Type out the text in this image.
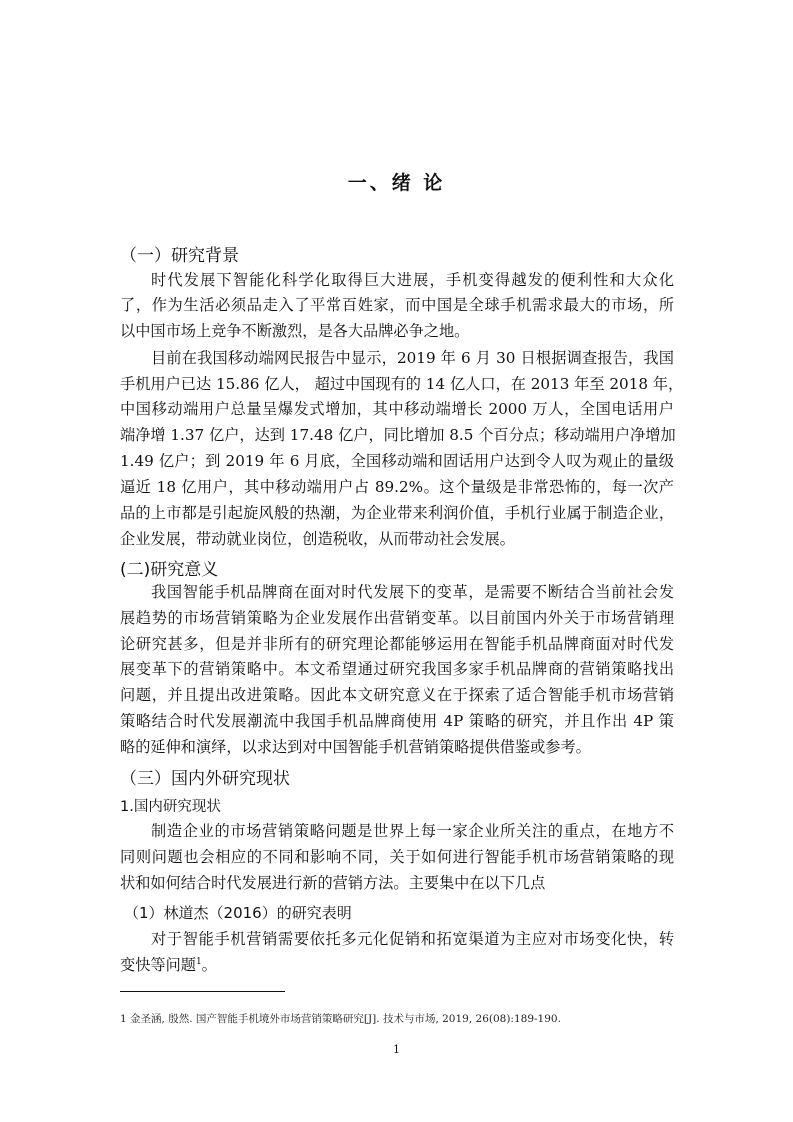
一、绪 论
（一）研究背景
时代发展下智能化科学化取得巨大进展，手机变得越发的便利性和大众化
了，作为生活必须品走入了平常百姓家，而中国是全球手机需求最大的市场，所
以中国市场上竞争不断激烈，是各大品牌必争之地。
目前在我国移动端网民报告中显示，2019 年 6 月 30 日根据调查报告，我国
手机用户已达 15.86 亿人， 超过中国现有的 14 亿人口，在 2013 年至 2018 年，
中国移动端用户总量呈爆发式增加，其中移动端增长 2000 万人，全国电话用户
端净增 1.37 亿户，达到 17.48 亿户，同比增加 8.5 个百分点；移动端用户净增加
1.49 亿户；到 2019 年 6 月底，全国移动端和固话用户达到令人叹为观止的量级
逼近 18 亿用户，其中移动端用户占 89.2%。这个量级是非常恐怖的，每一次产
品的上市都是引起旋风般的热潮，为企业带来利润价值，手机行业属于制造企业，
企业发展，带动就业岗位，创造税收，从而带动社会发展。
(二)研究意义
我国智能手机品牌商在面对时代发展下的变革，是需要不断结合当前社会发
展趋势的市场营销策略为企业发展作出营销变革。以目前国内外关于市场营销理
论研究甚多，但是并非所有的研究理论都能够运用在智能手机品牌商面对时代发
展变革下的营销策略中。本文希望通过研究我国多家手机品牌商的营销策略找出
问题，并且提出改进策略。因此本文研究意义在于探索了适合智能手机市场营销
策略结合时代发展潮流中我国手机品牌商使用 4P 策略的研究，并且作出 4P 策
略的延伸和演绎，以求达到对中国智能手机营销策略提供借鉴或参考。
（三）国内外研究现状
1.国内研究现状
制造企业的市场营销策略问题是世界上每一家企业所关注的重点，在地方不
同则问题也会相应的不同和影响不同，关于如何进行智能手机市场营销策略的现
状和如何结合时代发展进行新的营销方法。主要集中在以下几点
（1）林道杰（2016）的研究表明
对于智能手机营销需要依托多元化促销和拓宽渠道为主应对市场变化快，转
变快等问题$^1$。
1 金圣涵, 殷然. 国产智能手机境外市场营销策略研究[J]. 技术与市场, 2019, 26(08):189-190.
1
